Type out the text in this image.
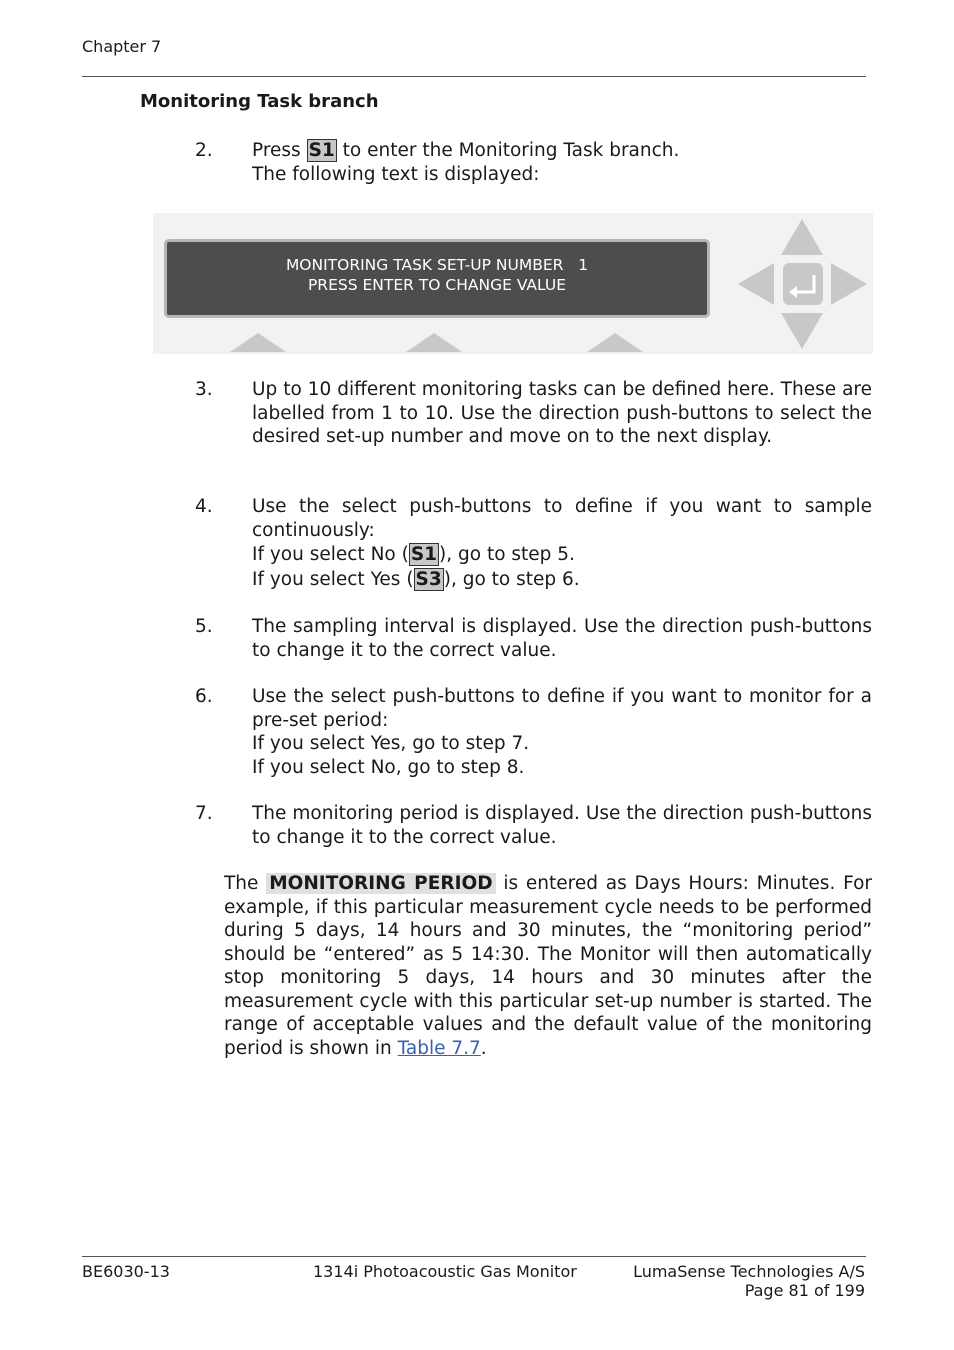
Chapter 7
Monitoring Task branch
2. Press S1 to enter the Monitoring Task branch.
The following text is displayed:
MONITORING TASK SET-UP NUMBER   1
PRESS ENTER TO CHANGE VALUE
3. Up to 10 different monitoring tasks can be defined here. These are labelled from 1 to 10. Use the direction push-buttons to select the desired set-up number and move on to the next display.
4. Use the select push-buttons to define if you want to sample continuously:
If you select No ( S1 ), go to step 5.
If you select Yes ( S3 ), go to step 6.
5. The sampling interval is displayed. Use the direction push-buttons to change it to the correct value.
6. Use the select push-buttons to define if you want to monitor for a pre-set period:
If you select Yes, go to step 7.
If you select No, go to step 8.
7. The monitoring period is displayed. Use the direction push-buttons to change it to the correct value.
The MONITORING PERIOD is entered as Days Hours: Minutes. For example, if this particular measurement cycle needs to be performed during 5 days, 14 hours and 30 minutes, the “monitoring period” should be “entered” as 5 14:30. The Monitor will then automatically stop monitoring 5 days, 14 hours and 30 minutes after the measurement cycle with this particular set-up number is started. The range of acceptable values and the default value of the monitoring period is shown in Table 7.7.
BE6030-13	1314i Photoacoustic Gas Monitor	LumaSense Technologies A/S
Page 81 of 199
